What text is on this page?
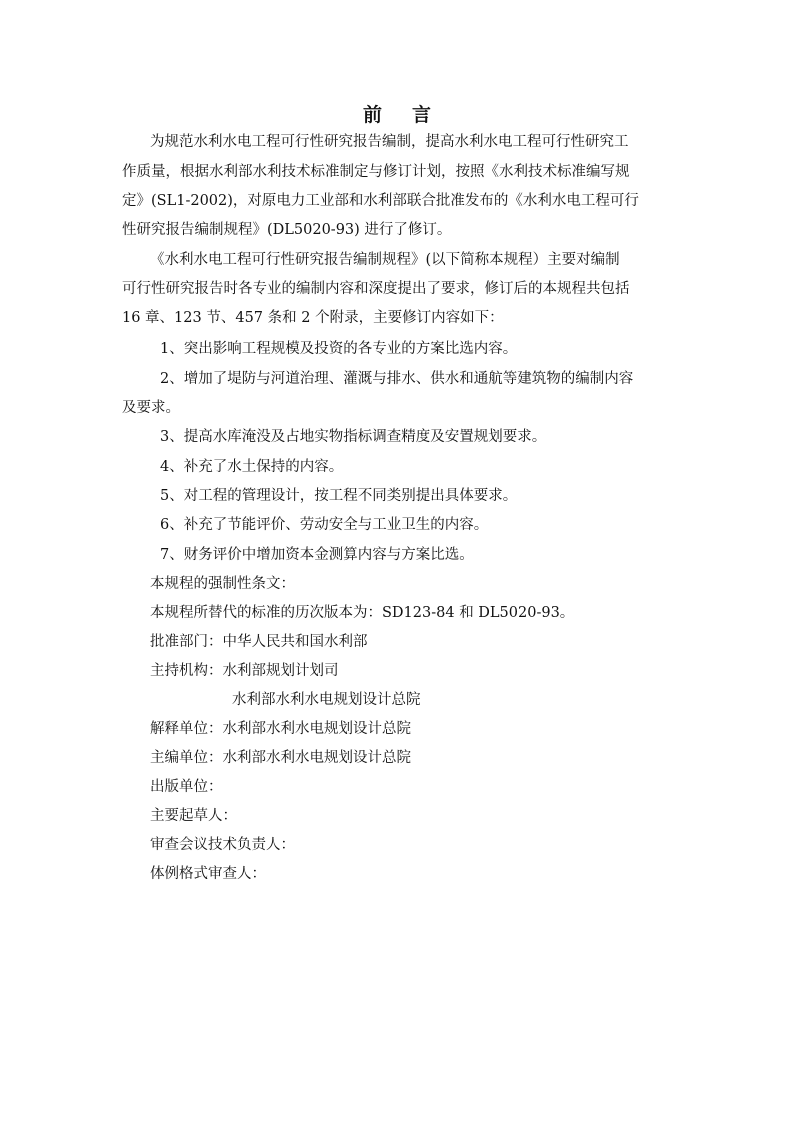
前 言
为规范水利水电工程可行性研究报告编制，提高水利水电工程可行性研究工
作质量，根据水利部水利技术标准制定与修订计划，按照《水利技术标准编写规
定》(SL1-2002)，对原电力工业部和水利部联合批准发布的《水利水电工程可行
性研究报告编制规程》(DL5020-93) 进行了修订。
《水利水电工程可行性研究报告编制规程》(以下简称本规程）主要对编制
可行性研究报告时各专业的编制内容和深度提出了要求，修订后的本规程共包括
16 章、123 节、457 条和 2 个附录，主要修订内容如下：
1、突出影响工程规模及投资的各专业的方案比选内容。
2、增加了堤防与河道治理、灌溉与排水、供水和通航等建筑物的编制内容
及要求。
3、提高水库淹没及占地实物指标调查精度及安置规划要求。
4、补充了水土保持的内容。
5、对工程的管理设计，按工程不同类别提出具体要求。
6、补充了节能评价、劳动安全与工业卫生的内容。
7、财务评价中增加资本金测算内容与方案比选。
本规程的强制性条文：
本规程所替代的标准的历次版本为：SD123-84 和 DL5020-93。
批准部门：中华人民共和国水利部
主持机构：水利部规划计划司
水利部水利水电规划设计总院
解释单位：水利部水利水电规划设计总院
主编单位：水利部水利水电规划设计总院
出版单位：
主要起草人：
审查会议技术负责人：
体例格式审查人：
